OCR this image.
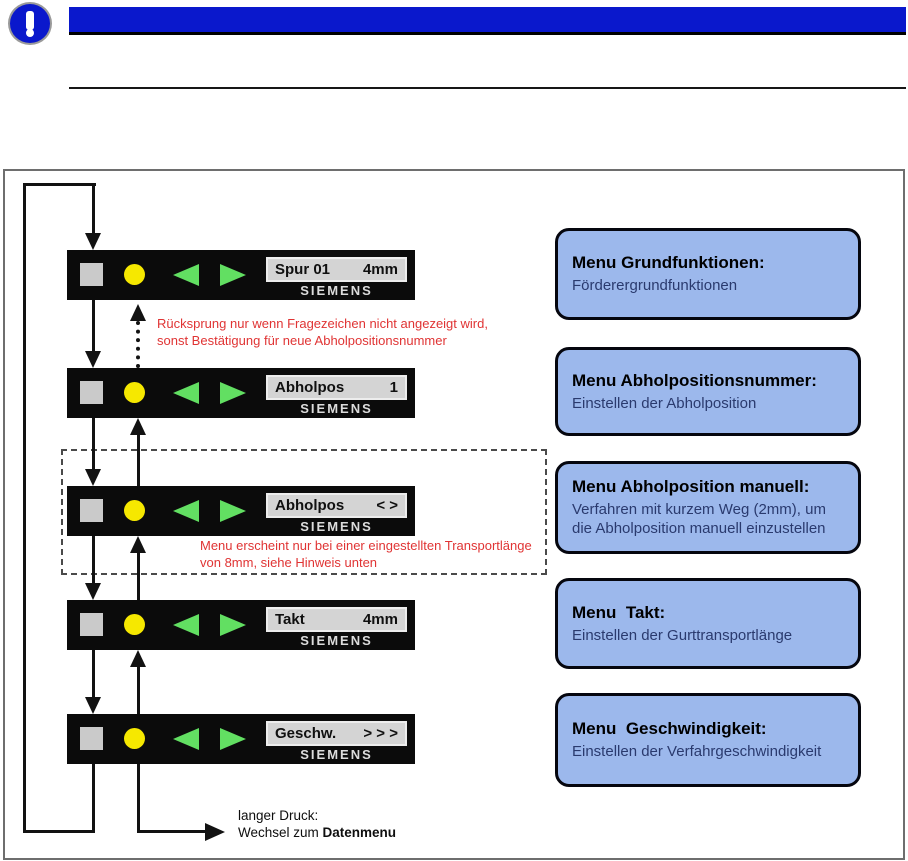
Rücksprung nur wenn Fragezeichen nicht angezeigt wird,
sonst Bestätigung für neue Abholpositionsnummer
Menu erscheint nur bei einer eingestellten Transportlänge
von 8mm, siehe Hinweis unten
Spur 01 4mm
SIEMENS
Abholpos	1
SIEMENS
Abholpos < >
SIEMENS
Takt	4mm
SIEMENS
Geschw. > > >
SIEMENS
Menu Grundfunktionen:
Förderergrundfunktionen
Menu Abholpositionsnummer:
Einstellen der Abholposition
Menu Abholposition manuell:
Verfahren mit kurzem Weg (2mm), um die Abholposition manuell einzustellen
Menu  Takt:
Einstellen der Gurttransportlänge
Menu  Geschwindigkeit:
Einstellen der Verfahrgeschwindigkeit
langer Druck:
Wechsel zum Datenmenu
